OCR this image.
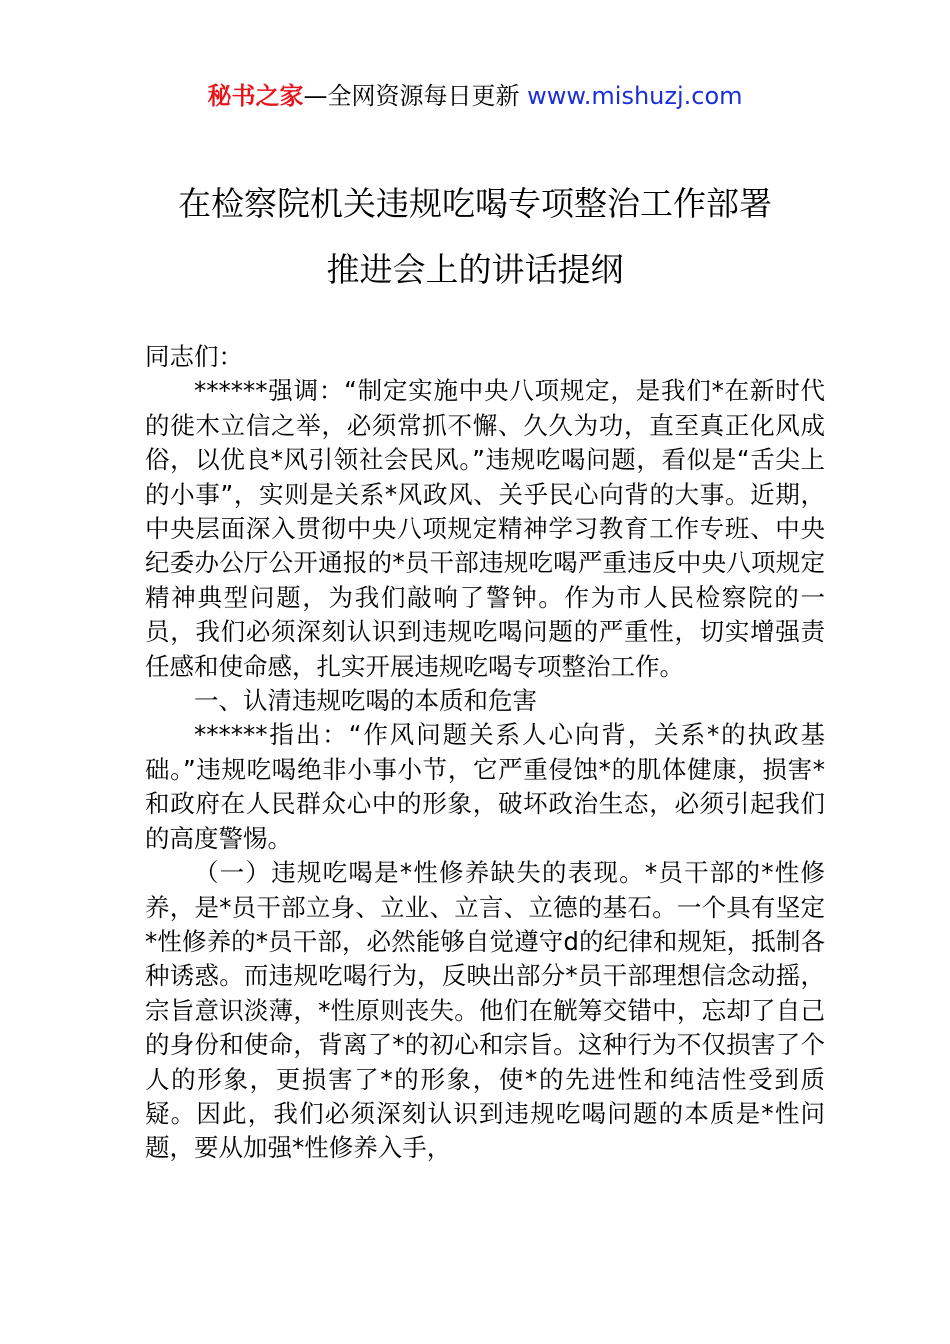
秘书之家—全网资源每日更新 www.mishuzj.com
在检察院机关违规吃喝专项整治工作部署
推进会上的讲话提纲

同志们：

******强调：“制定实施中央八项规定，是我们*在新时代的徙木立信之举，必须常抓不懈、久久为功，直至真正化风成俗，以优良*风引领社会民风。”违规吃喝问题，看似是“舌尖上的小事”，实则是关系*风政风、关乎民心向背的大事。近期，中央层面深入贯彻中央八项规定精神学习教育工作专班、中央纪委办公厅公开通报的*员干部违规吃喝严重违反中央八项规定精神典型问题，为我们敲响了警钟。作为市人民检察院的一员，我们必须深刻认识到违规吃喝问题的严重性，切实增强责任感和使命感，扎实开展违规吃喝专项整治工作。

一、认清违规吃喝的本质和危害

******指出：“作风问题关系人心向背，关系*的执政基础。”违规吃喝绝非小事小节，它严重侵蚀*的肌体健康，损害*和政府在人民群众心中的形象，破坏政治生态，必须引起我们的高度警惕。

（一）违规吃喝是*性修养缺失的表现。*员干部的*性修养，是*员干部立身、立业、立言、立德的基石。一个具有坚定*性修养的*员干部，必然能够自觉遵守d的纪律和规矩，抵制各种诱惑。而违规吃喝行为，反映出部分*员干部理想信念动摇，宗旨意识淡薄，*性原则丧失。他们在觥筹交错中，忘却了自己的身份和使命，背离了*的初心和宗旨。这种行为不仅损害了个人的形象，更损害了*的形象，使*的先进性和纯洁性受到质疑。因此，我们必须深刻认识到违规吃喝问题的本质是*性问题，要从加强*性修养入手，
